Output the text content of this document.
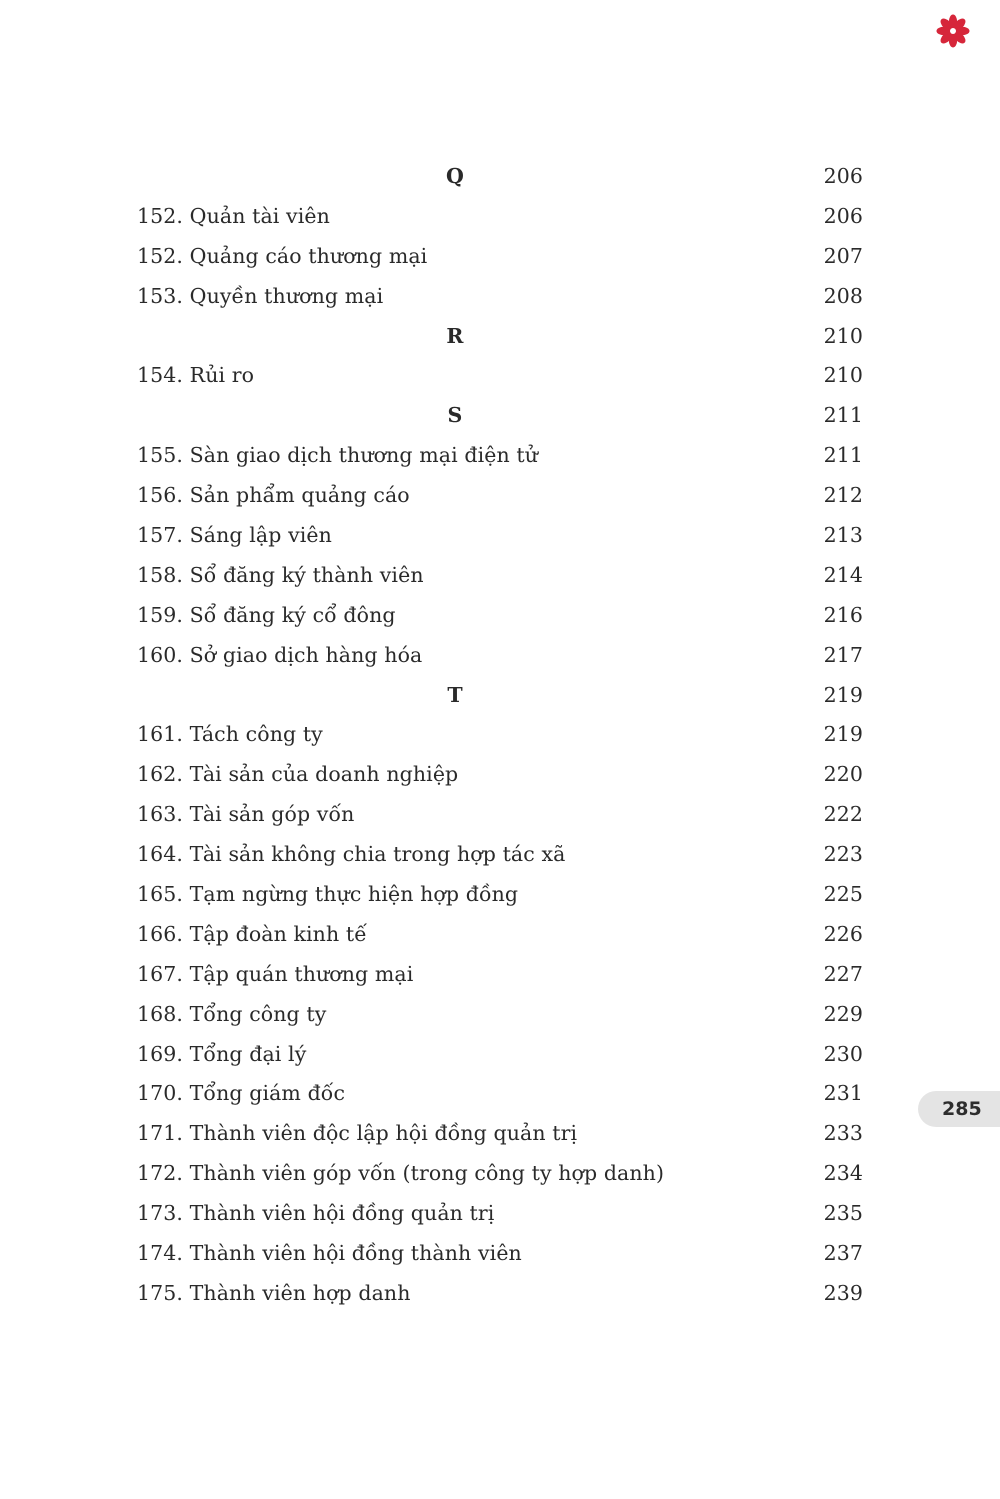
Q	206
152. Quản tài viên	206
152. Quảng cáo thương mại	207
153. Quyền thương mại	208
R	210
154. Rủi ro	210
S	211
155. Sàn giao dịch thương mại điện tử	211
156. Sản phẩm quảng cáo	212
157. Sáng lập viên	213
158. Sổ đăng ký thành viên	214
159. Sổ đăng ký cổ đông	216
160. Sở giao dịch hàng hóa	217
T	219
161. Tách công ty	219
162. Tài sản của doanh nghiệp	220
163. Tài sản góp vốn	222
164. Tài sản không chia trong hợp tác xã	223
165. Tạm ngừng thực hiện hợp đồng	225
166. Tập đoàn kinh tế	226
167. Tập quán thương mại	227
168. Tổng công ty	229
169. Tổng đại lý	230
170. Tổng giám đốc	231
171. Thành viên độc lập hội đồng quản trị	233
172. Thành viên góp vốn (trong công ty hợp danh)	234
173. Thành viên hội đồng quản trị	235
174. Thành viên hội đồng thành viên	237
175. Thành viên hợp danh	239
285
